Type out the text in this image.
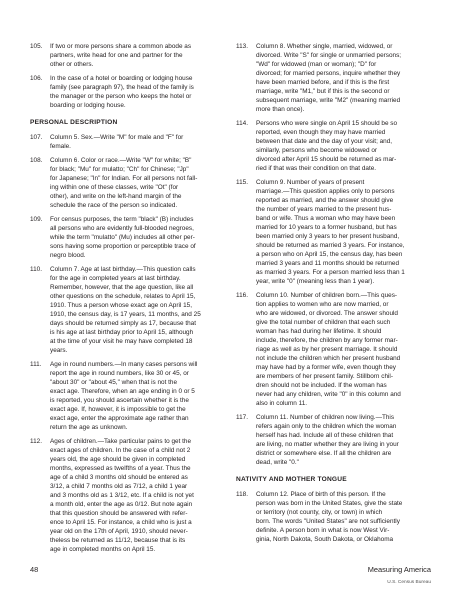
105.	If two or more persons share a common abode as
partners, write head for one and partner for the
other or others.
106.	In the case of a hotel or boarding or lodging house
family (see paragraph 97), the head of the family is
the manager or the person who keeps the hotel or
boarding or lodging house.
PERSONAL DESCRIPTION
107.	Column 5. Sex.—Write "M" for male and "F" for
female.
108.	Column 6. Color or race.—Write "W" for white; "B"
for black; "Mu" for mulatto; "Ch" for Chinese; "Jp"
for Japanese; "In" for Indian. For all persons not fall-
ing within one of these classes, write "Ot" (for
other), and write on the left-hand margin of the
schedule the race of the person so indicated.
109.	For census purposes, the term "black" (B) includes
all persons who are evidently full-blooded negroes,
while the term "mulatto" (Mu) includes all other per-
sons having some proportion or perceptible trace of
negro blood.
110.	Column 7. Age at last birthday.—This question calls
for the age in completed years at last birthday.
Remember, however, that the age question, like all
other questions on the schedule, relates to April 15,
1910. Thus a person whose exact age on April 15,
1910, the census day, is 17 years, 11 months, and 25
days should be returned simply as 17, because that
is his age at last birthday prior to April 15, although
at the time of your visit he may have completed 18
years.
111.	Age in round numbers.—In many cases persons will
report the age in round numbers, like 30 or 45, or
"about 30" or "about 45," when that is not the
exact age. Therefore, when an age ending in 0 or 5
is reported, you should ascertain whether it is the
exact age. If, however, it is impossible to get the
exact age, enter the approximate age rather than
return the age as unknown.
112.	Ages of children.—Take particular pains to get the
exact ages of children. In the case of a child not 2
years old, the age should be given in completed
months, expressed as twelfths of a year. Thus the
age of a child 3 months old should be entered as
3/12, a child 7 months old as 7/12, a child 1 year
and 3 months old as 1 3/12, etc. If a child is not yet
a month old, enter the age as 0/12. But note again
that this question should be answered with refer-
ence to April 15. For instance, a child who is just a
year old on the 17th of April, 1910, should never-
theless be returned as 11/12, because that is its
age in completed months on April 15.
113.	Column 8. Whether single, married, widowed, or
divorced. Write "S" for single or unmarried persons;
"Wd" for widowed (man or woman); "D" for
divorced; for married persons, inquire whether they
have been married before, and if this is the first
marriage, write "M1," but if this is the second or
subsequent marriage, write "M2" (meaning married
more than once).
114.	Persons who were single on April 15 should be so
reported, even though they may have married
between that date and the day of your visit; and,
similarly, persons who become widowed or
divorced after April 15 should be returned as mar-
ried if that was their condition on that date.
115.	Column 9. Number of years of present
marriage.—This question applies only to persons
reported as married, and the answer should give
the number of years married to the present hus-
band or wife. Thus a woman who may have been
married for 10 years to a former husband, but has
been married only 3 years to her present husband,
should be returned as married 3 years. For instance,
a person who on April 15, the census day, has been
married 3 years and 11 months should be returned
as married 3 years. For a person married less than 1
year, write "0" (meaning less than 1 year).
116.	Column 10. Number of children born.—This ques-
tion applies to women who are now married, or
who are widowed, or divorced. The answer should
give the total number of children that each such
woman has had during her lifetime. It should
include, therefore, the children by any former mar-
riage as well as by her present marriage. It should
not include the children which her present husband
may have had by a former wife, even though they
are members of her present family. Stillborn chil-
dren should not be included. If the woman has
never had any children, write "0" in this column and
also in column 11.
117.	Column 11. Number of children now living.—This
refers again only to the children which the woman
herself has had. Include all of these children that
are living, no matter whether they are living in your
district or somewhere else. If all the children are
dead, write "0."
NATIVITY AND MOTHER TONGUE
118.	Column 12. Place of birth of this person. If the
person was born in the United States, give the state
or territory (not county, city, or town) in which
born. The words "United States" are not sufficiently
definite. A person born in what is now West Vir-
ginia, North Dakota, South Dakota, or Oklahoma
48	Measuring America
U.S. Census Bureau
